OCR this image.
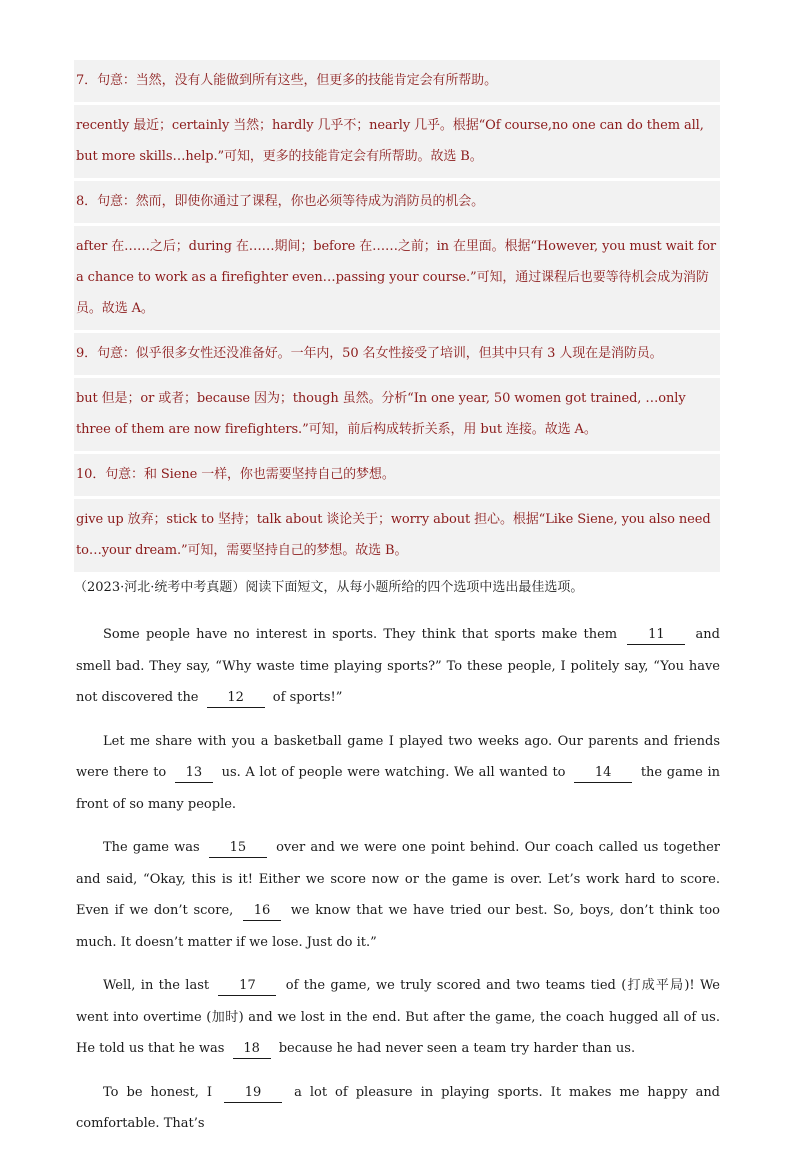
7．句意：当然，没有人能做到所有这些，但更多的技能肯定会有所帮助。
recently 最近；certainly 当然；hardly 几乎不；nearly 几乎。根据“Of course,no one can do them all, but more skills…help.”可知，更多的技能肯定会有所帮助。故选 B。
8．句意：然而，即使你通过了课程，你也必须等待成为消防员的机会。
after 在……之后；during 在……期间；before 在……之前；in 在里面。根据“However, you must wait for a chance to work as a firefighter even…passing your course.”可知，通过课程后也要等待机会成为消防员。故选 A。
9．句意：似乎很多女性还没准备好。一年内，50 名女性接受了培训，但其中只有 3 人现在是消防员。
but 但是；or 或者；because 因为；though 虽然。分析“In one year, 50 women got trained, …only three of them are now firefighters.”可知，前后构成转折关系，用 but 连接。故选 A。
10．句意：和 Siene 一样，你也需要坚持自己的梦想。
give up 放弃；stick to 坚持；talk about 谈论关于；worry about 担心。根据“Like Siene, you also need to…your dream.”可知，需要坚持自己的梦想。故选 B。
（2023·河北·统考中考真题）阅读下面短文，从每小题所给的四个选项中选出最佳选项。

Some people have no interest in sports. They think that sports make them 11 and smell bad. They say, “Why waste time playing sports?” To these people, I politely say, “You have not discovered the 12 of sports!”

Let me share with you a basketball game I played two weeks ago. Our parents and friends were there to 13 us. A lot of people were watching. We all wanted to 14 the game in front of so many people.

The game was 15 over and we were one point behind. Our coach called us together and said, “Okay, this is it! Either we score now or the game is over. Let’s work hard to score. Even if we don’t score, 16 we know that we have tried our best. So, boys, don’t think too much. It doesn’t matter if we lose. Just do it.”

Well, in the last 17 of the game, we truly scored and two teams tied (打成平局)! We went into overtime (加时) and we lost in the end. But after the game, the coach hugged all of us. He told us that he was 18 because he had never seen a team try harder than us.

To be honest, I	19	a lot of pleasure in playing sports. It makes me happy and comfortable. That’s
